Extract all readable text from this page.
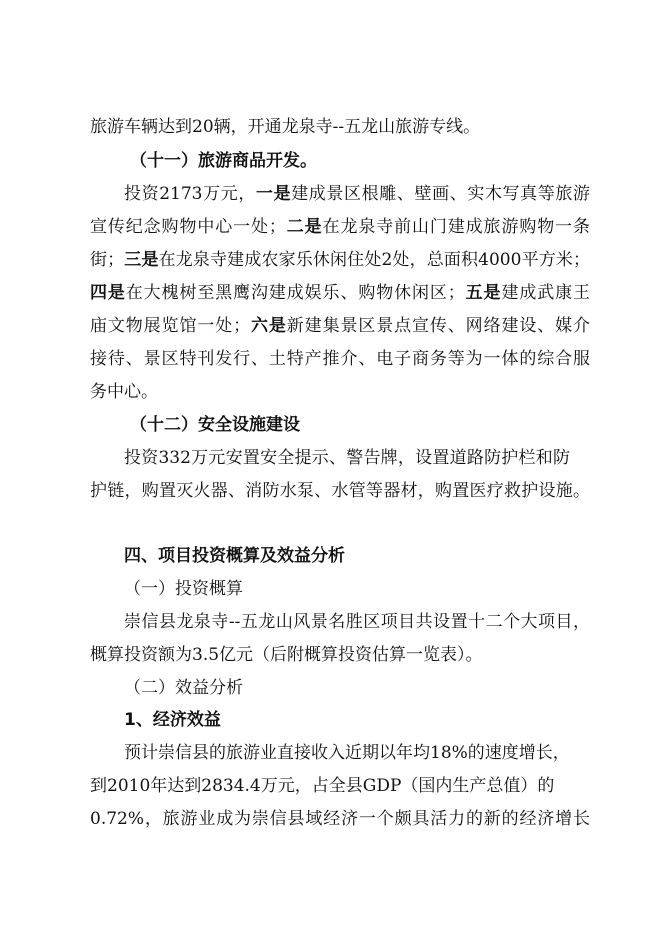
旅游车辆达到20辆，开通龙泉寺--五龙山旅游专线。
（十一）旅游商品开发。
投资2173万元，一是建成景区根雕、壁画、实木写真等旅游
宣传纪念购物中心一处；二是在龙泉寺前山门建成旅游购物一条
街；三是在龙泉寺建成农家乐休闲住处2处，总面积4000平方米；
四是在大槐树至黑鹰沟建成娱乐、购物休闲区；五是建成武康王
庙文物展览馆一处；六是新建集景区景点宣传、网络建设、媒介
接待、景区特刊发行、土特产推介、电子商务等为一体的综合服
务中心。
（十二）安全设施建设
投资332万元安置安全提示、警告牌，设置道路防护栏和防
护链，购置灭火器、消防水泵、水管等器材，购置医疗救护设施。
四、项目投资概算及效益分析
（一）投资概算
崇信县龙泉寺--五龙山风景名胜区项目共设置十二个大项目，
概算投资额为3.5亿元（后附概算投资估算一览表）。
（二）效益分析
1、经济效益
预计崇信县的旅游业直接收入近期以年均18%的速度增长，
到2010年达到2834.4万元，占全县GDP（国内生产总值）的
0.72%，旅游业成为崇信县域经济一个颇具活力的新的经济增长
